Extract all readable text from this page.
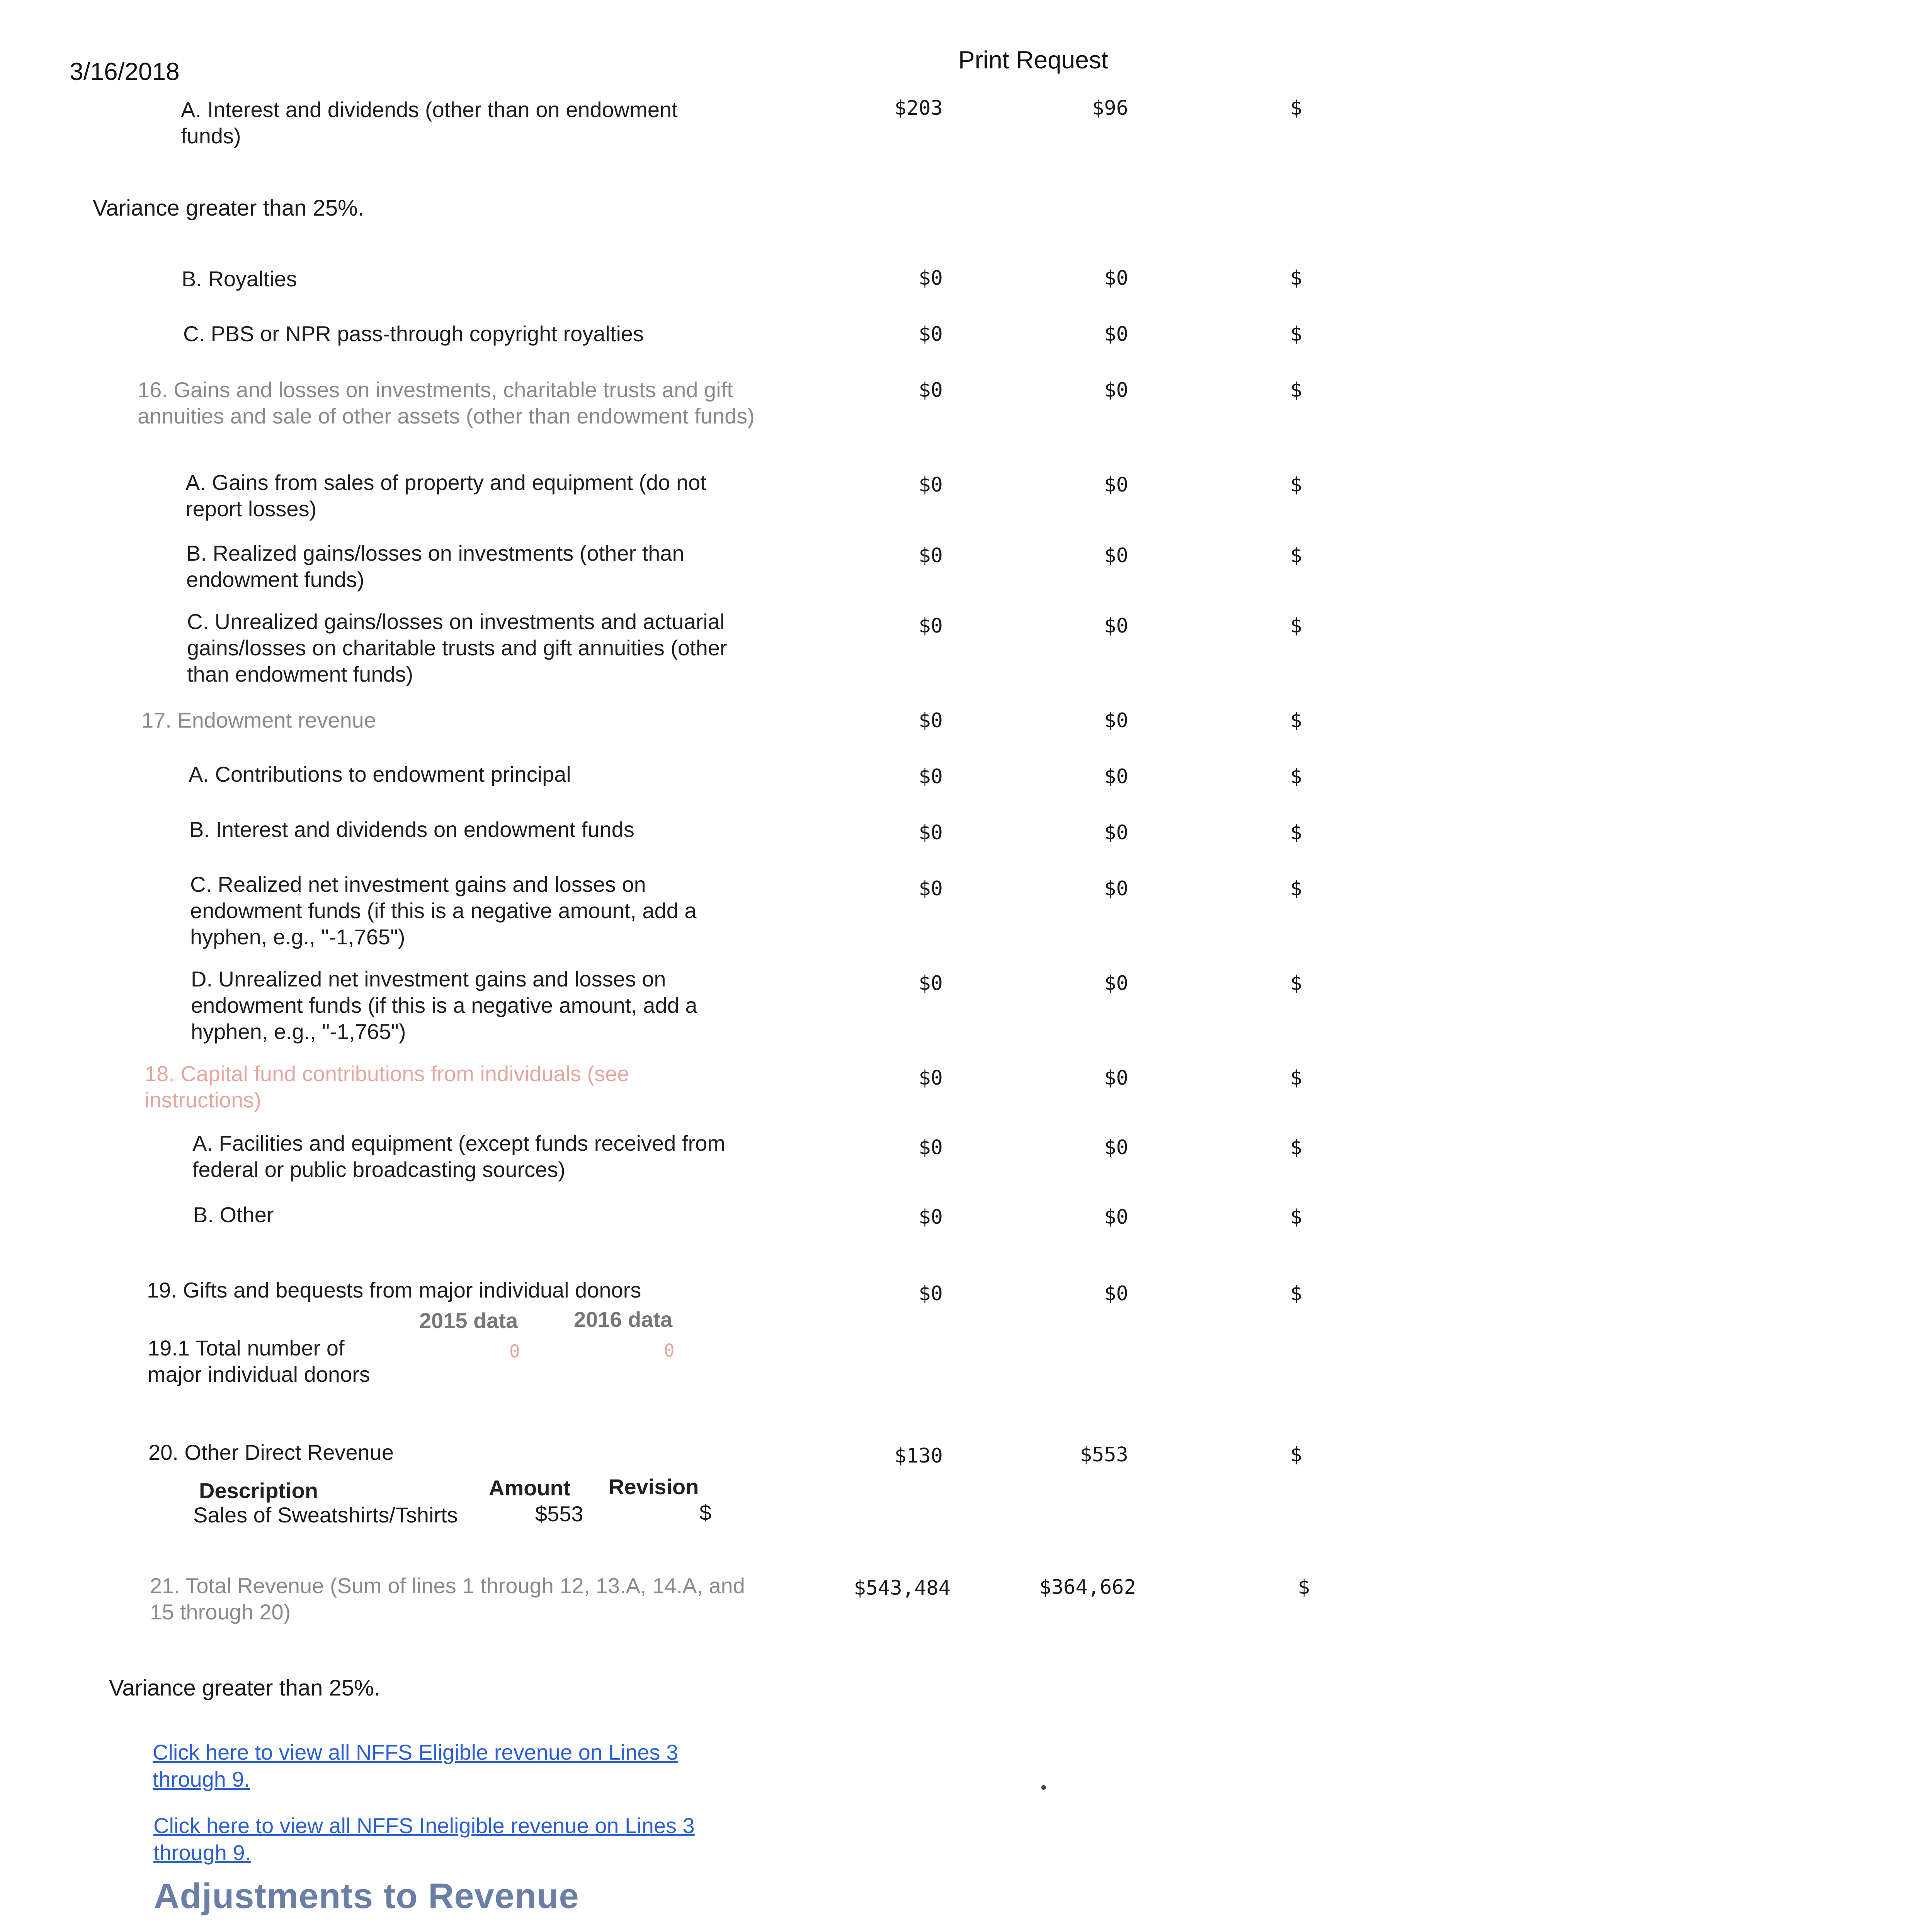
3/16/2018	Print Request
A. Interest and dividends (other than on endowment funds)
$203	$96	$
Variance greater than 25%.
B. Royalties	$0	$0	$
C. PBS or NPR pass-through copyright royalties	$0	$0	$
16. Gains and losses on investments, charitable trusts and gift annuities and sale of other assets (other than endowment funds)
$0	$0	$
A. Gains from sales of property and equipment (do not report losses)
$0	$0	$
B. Realized gains/losses on investments (other than endowment funds)
$0	$0	$
C. Unrealized gains/losses on investments and actuarial gains/losses on charitable trusts and gift annuities (other than endowment funds)
$0	$0	$
17. Endowment revenue	$0	$0	$
A. Contributions to endowment principal	$0	$0	$
B. Interest and dividends on endowment funds	$0	$0	$
C. Realized net investment gains and losses on endowment funds (if this is a negative amount, add a hyphen, e.g., "-1,765")
$0	$0	$
D. Unrealized net investment gains and losses on endowment funds (if this is a negative amount, add a hyphen, e.g., "-1,765")
$0	$0	$
18. Capital fund contributions from individuals (see instructions)
$0	$0	$
A. Facilities and equipment (except funds received from federal or public broadcasting sources)
$0	$0	$
B. Other	$0	$0	$
19. Gifts and bequests from major individual donors	$0	$0	$
2015 data	2016 data
19.1 Total number of major individual donors
0	0
20. Other Direct Revenue	$130	$553	$
Description	Amount Revision
Sales of Sweatshirts/Tshirts	$553	$
21. Total Revenue (Sum of lines 1 through 12, 13.A, 14.A, and 15 through 20)
$543,484	$364,662	$
Variance greater than 25%.
Click here to view all NFFS Eligible revenue on Lines 3 through 9.
Click here to view all NFFS Ineligible revenue on Lines 3 through 9.
Adjustments to Revenue
